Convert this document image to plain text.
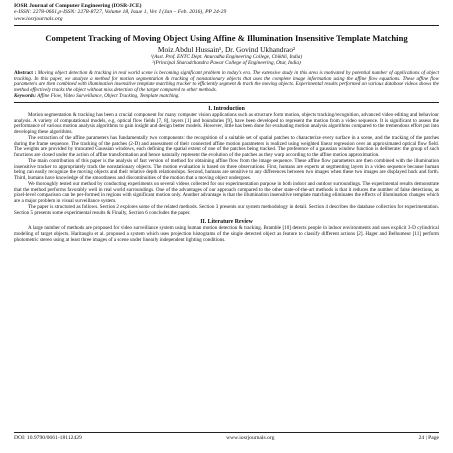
IOSR Journal of Computer Engineering (IOSR-JCE)
e-ISSN: 2278-0661,p-ISSN: 2278-8727, Volume 18, Issue 1, Ver. I (Jan – Feb. 2016), PP 24-29
www.iosrjournals.org
Competent Tracking of Moving Object Using Affine & Illumination Insensitive Template Matching
Moiz Abdul Hussain¹, Dr. Govind Ukhandrao²
¹(Asst. Prof. ENTC Dept. Anuradha Engineering College, Chikhli, India)
²(Principal Sharadchandra Pawar College of Engineering, Otur, India)
Abstract : Moving object detection & tracking in real world scene is becoming significant problem in today's era. The extensive study in this area is motivated by potential number of applications of object tracking. In this paper, we analyze a method for motion segmentation & tracking of nonstationary objects that uses the complete image information using the affine flow equations. These affine flow parameters are then combined with illumination insensitive template matching tracker to efficiently segment & track the moving objects. Experimental results performed on various database videos shows the method effectively tracks the object without miss detection of the target compared to other methods.
Keywords: Affine Flow, Video Surveillance, Object Tracking, Template matching.
I. Introduction

Motion segmentation & tracking has been a crucial component for many computer vision applications such as structure form motion, objects tracking/recognition, advanced video editing and behaviour analysis. A variety of computational models, e.g. optical flow fields [7, 8], layers [1] and boundaries [9], have been developed to represent the motion from a video sequence. It is significant to assess the performance of various motion analysis algorithms to gain insight and design better models. However, little has been done for evaluating motion analysis algorithms compared to the tremendous effort put into developing these algorithms.

The extraction of the affine parameters has fundamentally two components: the recognition of a suitable set of spatial patches to characterize every surface in a scene, and the tracking of the patches during the frame sequence. The tracking of the patches (2-D) and assessment of their connected affine motion parameters is realized using weighted linear regression over an approximated optical flow field. The weights are provided by truncated Gaussian windows, each defining the spatial extent of one of the patches being tracked. The preference of a gaussian window function is deliberate: the group of such functions are closed under the action of affine transformation and hence naturally represent the evolution of the patches as they warp according to the affine motion approximation.

The main contribution of this paper is the analysis of fast version of method for obtaining affine flow from the image sequence. These affine flow parameters are then combined with the illumination insensitive tracker to appropriately track the nonstationary objects. The motion evaluation is based on three observations. First, humans are experts at segmenting layers in a video sequence because human being can easily recognize the moving objects and their relative depth relationships. Second, humans are sensitive to any differences between two images when these two images are displayed back and forth. Third, humans have knowledge of the smoothness and discontinuities of the motion that a moving object undergoes.

We thoroughly tested our method by conducting experiments on several videos collected for our experimentation purpose in both indoor and outdoor surroundings. The experimental results demonstrate that the method performs favorably well in real world surroundings. One of the advantages of our approach compared to the other state-of-the-art methods is that it reduces the number of false detections, as pixel-level comparison can be per-formed in regions with significant motion only. Another advantage is that the illumination insensitive template matching eliminates the effects of illumination changes which are a major problem in visual surveillance system.

The paper is structured as follows. Section 2 explores some of the related methods. Section 3 presents our system methodology in detail. Section 4 describes the database collection for experimentation. Section 5 presents some experimental results & Finally, Section 6 concludes the paper.

II. Literature Review

A large number of methods are proposed for video surveillance system using human motion detection & tracking. Bramble [10] detects people in indoor environments and uses explicit 3-D cylindrical modeling of target objects. Haritaoglu et al. proposed a system which uses projection histograms of the single detected object as feature to classify different actions [2]. Hager and Belhumeur [11] perform photometric stereo using at least three images of a scene under linearly independent lighting conditions.

DOI: 10.9790/0661-18112429	www.iosrjournals.org	24 | Page
